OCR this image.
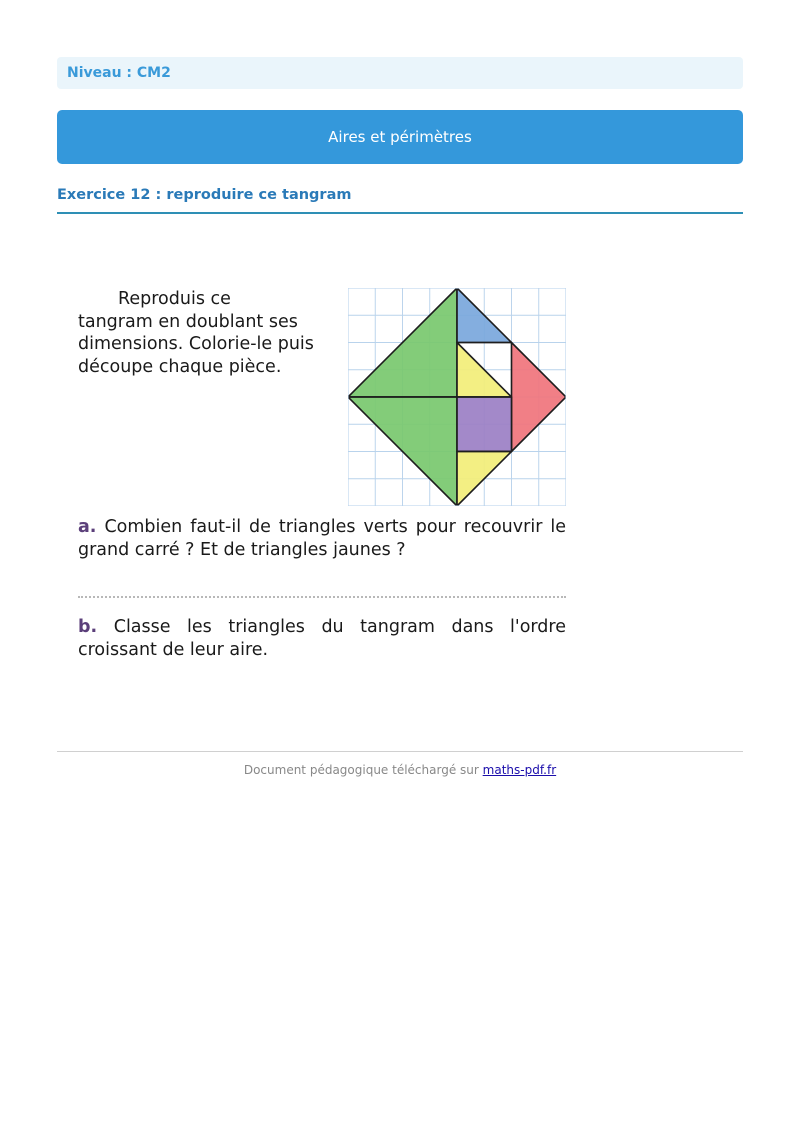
Niveau : CM2
Aires et périmètres
Exercice 12 : reproduire ce tangram
Reproduis ce
tangram en doublant ses dimensions. Colorie-le puis découpe chaque pièce.
a. Combien faut-il de triangles verts pour recouvrir le grand carré ? Et de triangles jaunes ?
b. Classe les triangles du tangram dans l'ordre croissant de leur aire.
Document pédagogique téléchargé sur maths-pdf.fr
